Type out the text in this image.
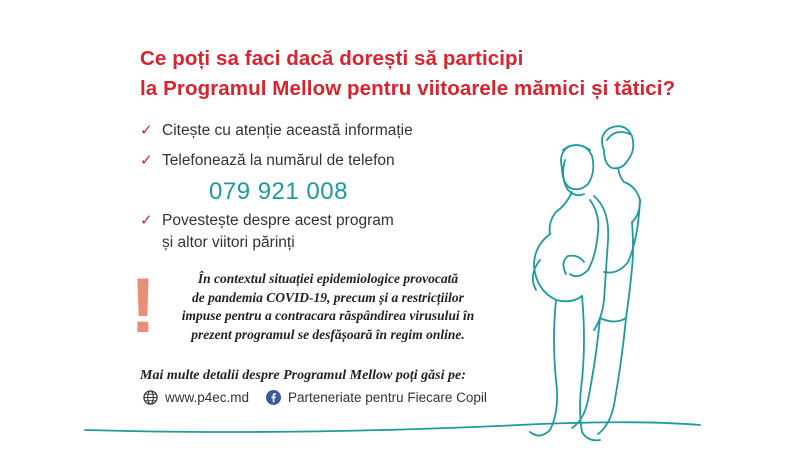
Ce poți sa faci dacă dorești să participi
la Programul Mellow pentru viitoarele mămici și tătici?
✓ Citește cu atenție această informație
✓ Telefonează la numărul de telefon
✓ Povestește despre acest program
și altor viitori părinți
079 921 008
!	În contextul situației epidemiologice provocată
de pandemia COVID-19, precum și a restricțiilor
impuse pentru a contracara răspândirea virusului în
prezent programul se desfășoară în regim online.
Mai multe detalii despre Programul Mellow poți găsi pe:
www.p4ec.md	Parteneriate pentru Fiecare Copil
